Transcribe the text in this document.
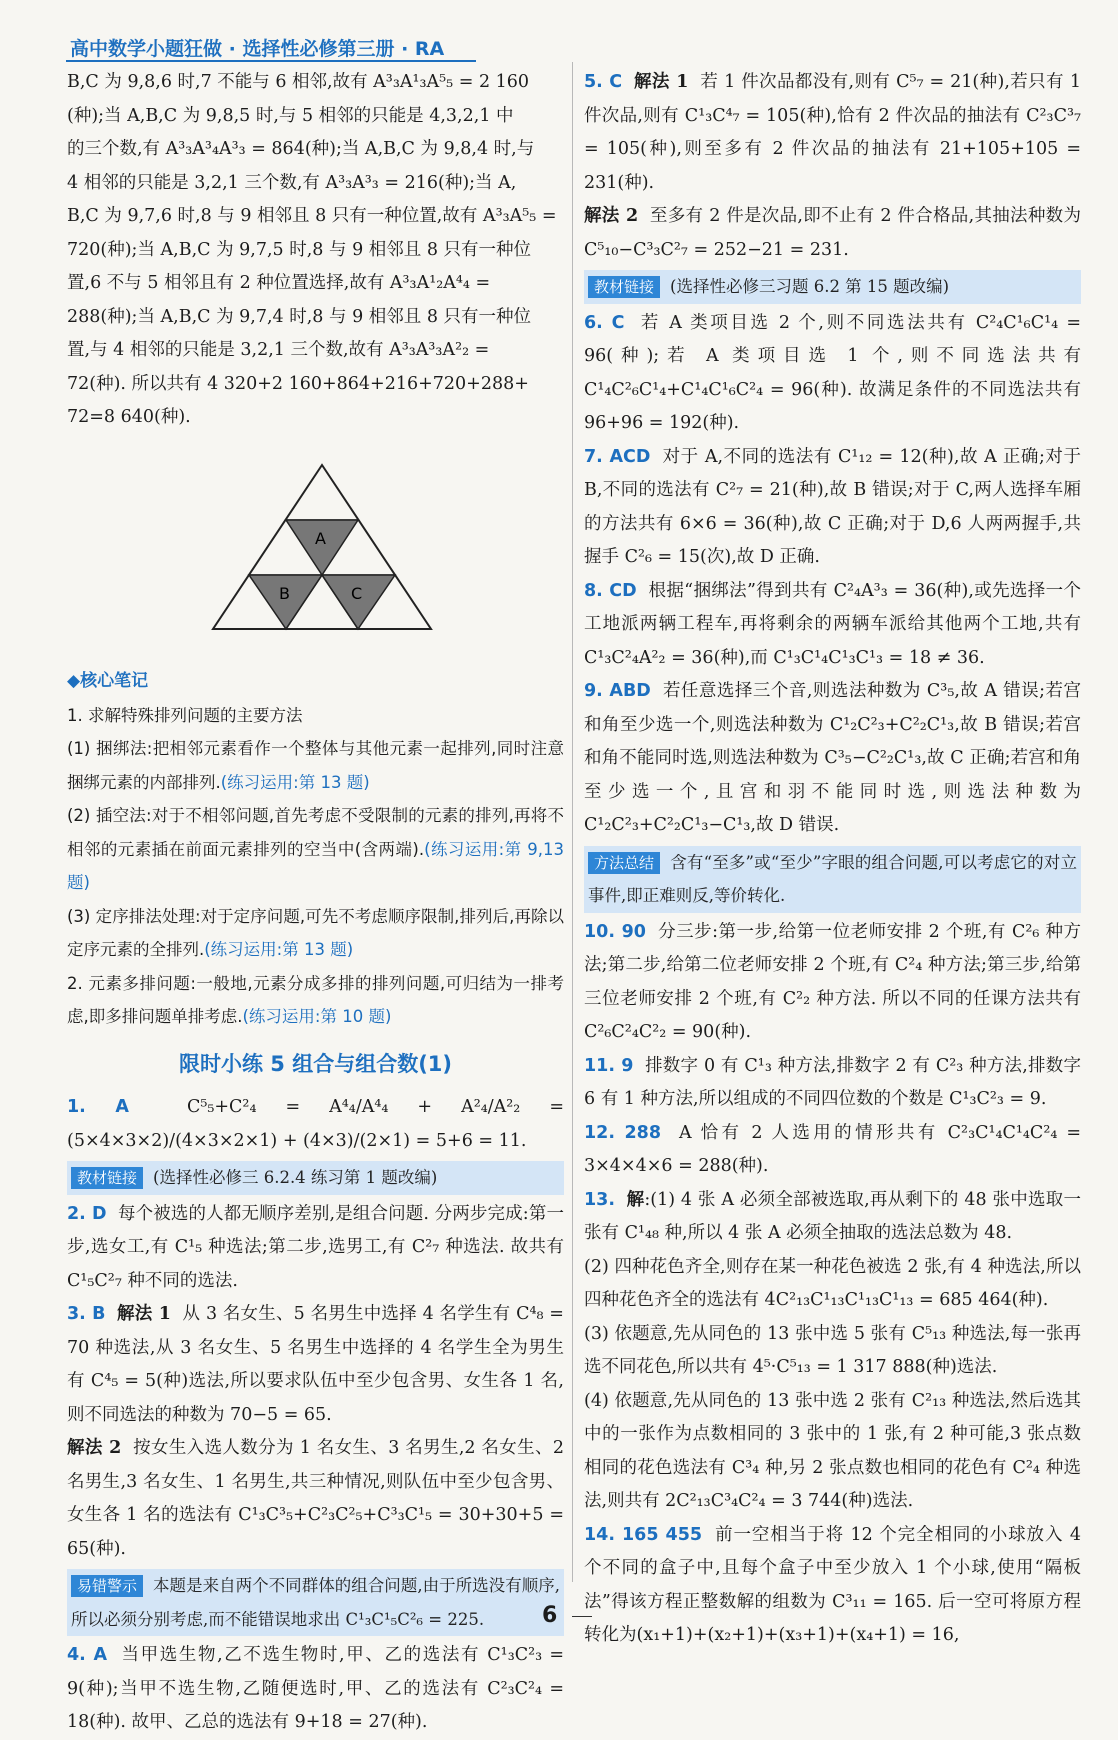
高中数学小题狂做 · 选择性必修第三册 · RA

B,C 为 9,8,6 时,7 不能与 6 相邻,故有 A³₃A¹₃A⁵₅ = 2 160

(种);当 A,B,C 为 9,8,5 时,与 5 相邻的只能是 4,3,2,1 中

的三个数,有 A³₃A³₄A³₃ = 864(种);当 A,B,C 为 9,8,4 时,与

4 相邻的只能是 3,2,1 三个数,有 A³₃A³₃ = 216(种);当 A,

B,C 为 9,7,6 时,8 与 9 相邻且 8 只有一种位置,故有 A³₃A⁵₅ =

720(种);当 A,B,C 为 9,7,5 时,8 与 9 相邻且 8 只有一种位

置,6 不与 5 相邻且有 2 种位置选择,故有 A³₃A¹₂A⁴₄ =

288(种);当 A,B,C 为 9,7,4 时,8 与 9 相邻且 8 只有一种位

置,与 4 相邻的只能是 3,2,1 三个数,故有 A³₃A³₃A²₂ =

72(种). 所以共有 4 320+2 160+864+216+720+288+

72=8 640(种).

A
B	C
◆核心笔记

1. 求解特殊排列问题的主要方法

(1) 捆绑法:把相邻元素看作一个整体与其他元素一起排列,同时注意捆绑元素的内部排列.(练习运用:第 13 题)

(2) 插空法:对于不相邻问题,首先考虑不受限制的元素的排列,再将不相邻的元素插在前面元素排列的空当中(含两端).(练习运用:第 9,13 题)

(3) 定序排法处理:对于定序问题,可先不考虑顺序限制,排列后,再除以定序元素的全排列.(练习运用:第 13 题)

2. 元素多排问题:一般地,元素分成多排的排列问题,可归结为一排考虑,即多排问题单排考虑.(练习运用:第 10 题)

限时小练 5 组合与组合数(1)

1. A	C⁵₅+C²₄ = A⁴₄/A⁴₄ + A²₄/A²₂ = (5×4×3×2)/(4×3×2×1) + (4×3)/(2×1) = 5+6 = 11.

教材链接 (选择性必修三 6.2.4 练习第 1 题改编)

2. D 每个被选的人都无顺序差别,是组合问题. 分两步完成:第一步,选女工,有 C¹₅ 种选法;第二步,选男工,有 C²₇ 种选法. 故共有 C¹₅C²₇ 种不同的选法.

3. B 解法 1 从 3 名女生、5 名男生中选择 4 名学生有 C⁴₈ = 70 种选法,从 3 名女生、5 名男生中选择的 4 名学生全为男生有 C⁴₅ = 5(种)选法,所以要求队伍中至少包含男、女生各 1 名,则不同选法的种数为 70−5 = 65.

解法 2 按女生入选人数分为 1 名女生、3 名男生,2 名女生、2 名男生,3 名女生、1 名男生,共三种情况,则队伍中至少包含男、女生各 1 名的选法有 C¹₃C³₅+C²₃C²₅+C³₃C¹₅ = 30+30+5 = 65(种).

易错警示 本题是来自两个不同群体的组合问题,由于所选没有顺序,所以必须分别考虑,而不能错误地求出 C¹₃C¹₅C²₆ = 225.

4. A 当甲选生物,乙不选生物时,甲、乙的选法有 C¹₃C²₃ = 9(种);当甲不选生物,乙随便选时,甲、乙的选法有 C²₃C²₄ = 18(种). 故甲、乙总的选法有 9+18 = 27(种).

5. C 解法 1 若 1 件次品都没有,则有 C⁵₇ = 21(种),若只有 1 件次品,则有 C¹₃C⁴₇ = 105(种),恰有 2 件次品的抽法有 C²₃C³₇ = 105(种),则至多有 2 件次品的抽法有 21+105+105 = 231(种).

解法 2 至多有 2 件是次品,即不止有 2 件合格品,其抽法种数为 C⁵₁₀−C³₃C²₇ = 252−21 = 231.

教材链接 (选择性必修三习题 6.2 第 15 题改编)

6. C 若 A 类项目选 2 个,则不同选法共有 C²₄C¹₆C¹₄ = 96(种);若 A 类项目选 1 个,则不同选法共有 C¹₄C²₆C¹₄+C¹₄C¹₆C²₄ = 96(种). 故满足条件的不同选法共有 96+96 = 192(种).

7. ACD 对于 A,不同的选法有 C¹₁₂ = 12(种),故 A 正确;对于 B,不同的选法有 C²₇ = 21(种),故 B 错误;对于 C,两人选择车厢的方法共有 6×6 = 36(种),故 C 正确;对于 D,6 人两两握手,共握手 C²₆ = 15(次),故 D 正确.

8. CD 根据“捆绑法”得到共有 C²₄A³₃ = 36(种),或先选择一个工地派两辆工程车,再将剩余的两辆车派给其他两个工地,共有 C¹₃C²₄A²₂ = 36(种),而 C¹₃C¹₄C¹₃C¹₃ = 18 ≠ 36.

9. ABD 若任意选择三个音,则选法种数为 C³₅,故 A 错误;若宫和角至少选一个,则选法种数为 C¹₂C²₃+C²₂C¹₃,故 B 错误;若宫和角不能同时选,则选法种数为 C³₅−C²₂C¹₃,故 C 正确;若宫和角至少选一个,且宫和羽不能同时选,则选法种数为 C¹₂C²₃+C²₂C¹₃−C¹₃,故 D 错误.

方法总结 含有“至多”或“至少”字眼的组合问题,可以考虑它的对立事件,即正难则反,等价转化.

10. 90 分三步:第一步,给第一位老师安排 2 个班,有 C²₆ 种方法;第二步,给第二位老师安排 2 个班,有 C²₄ 种方法;第三步,给第三位老师安排 2 个班,有 C²₂ 种方法. 所以不同的任课方法共有 C²₆C²₄C²₂ = 90(种).

11. 9 排数字 0 有 C¹₃ 种方法,排数字 2 有 C²₃ 种方法,排数字 6 有 1 种方法,所以组成的不同四位数的个数是 C¹₃C²₃ = 9.

12. 288 A 恰有 2 人选用的情形共有 C²₃C¹₄C¹₄C²₄ = 3×4×4×6 = 288(种).

13. 解:(1) 4 张 A 必须全部被选取,再从剩下的 48 张中选取一张有 C¹₄₈ 种,所以 4 张 A 必须全抽取的选法总数为 48.

(2) 四种花色齐全,则存在某一种花色被选 2 张,有 4 种选法,所以四种花色齐全的选法有 4C²₁₃C¹₁₃C¹₁₃C¹₁₃ = 685 464(种).

(3) 依题意,先从同色的 13 张中选 5 张有 C⁵₁₃ 种选法,每一张再选不同花色,所以共有 4⁵·C⁵₁₃ = 1 317 888(种)选法.

(4) 依题意,先从同色的 13 张中选 2 张有 C²₁₃ 种选法,然后选其中的一张作为点数相同的 3 张中的 1 张,有 2 种可能,3 张点数相同的花色选法有 C³₄ 种,另 2 张点数也相同的花色有 C²₄ 种选法,则共有 2C²₁₃C³₄C²₄ = 3 744(种)选法.

14. 165 455 前一空相当于将 12 个完全相同的小球放入 4 个不同的盒子中,且每个盒子中至少放入 1 个小球,使用“隔板法”得该方程正整数解的组数为 C³₁₁ = 165. 后一空可将原方程转化为(x₁+1)+(x₂+1)+(x₃+1)+(x₄+1) = 16,

6
